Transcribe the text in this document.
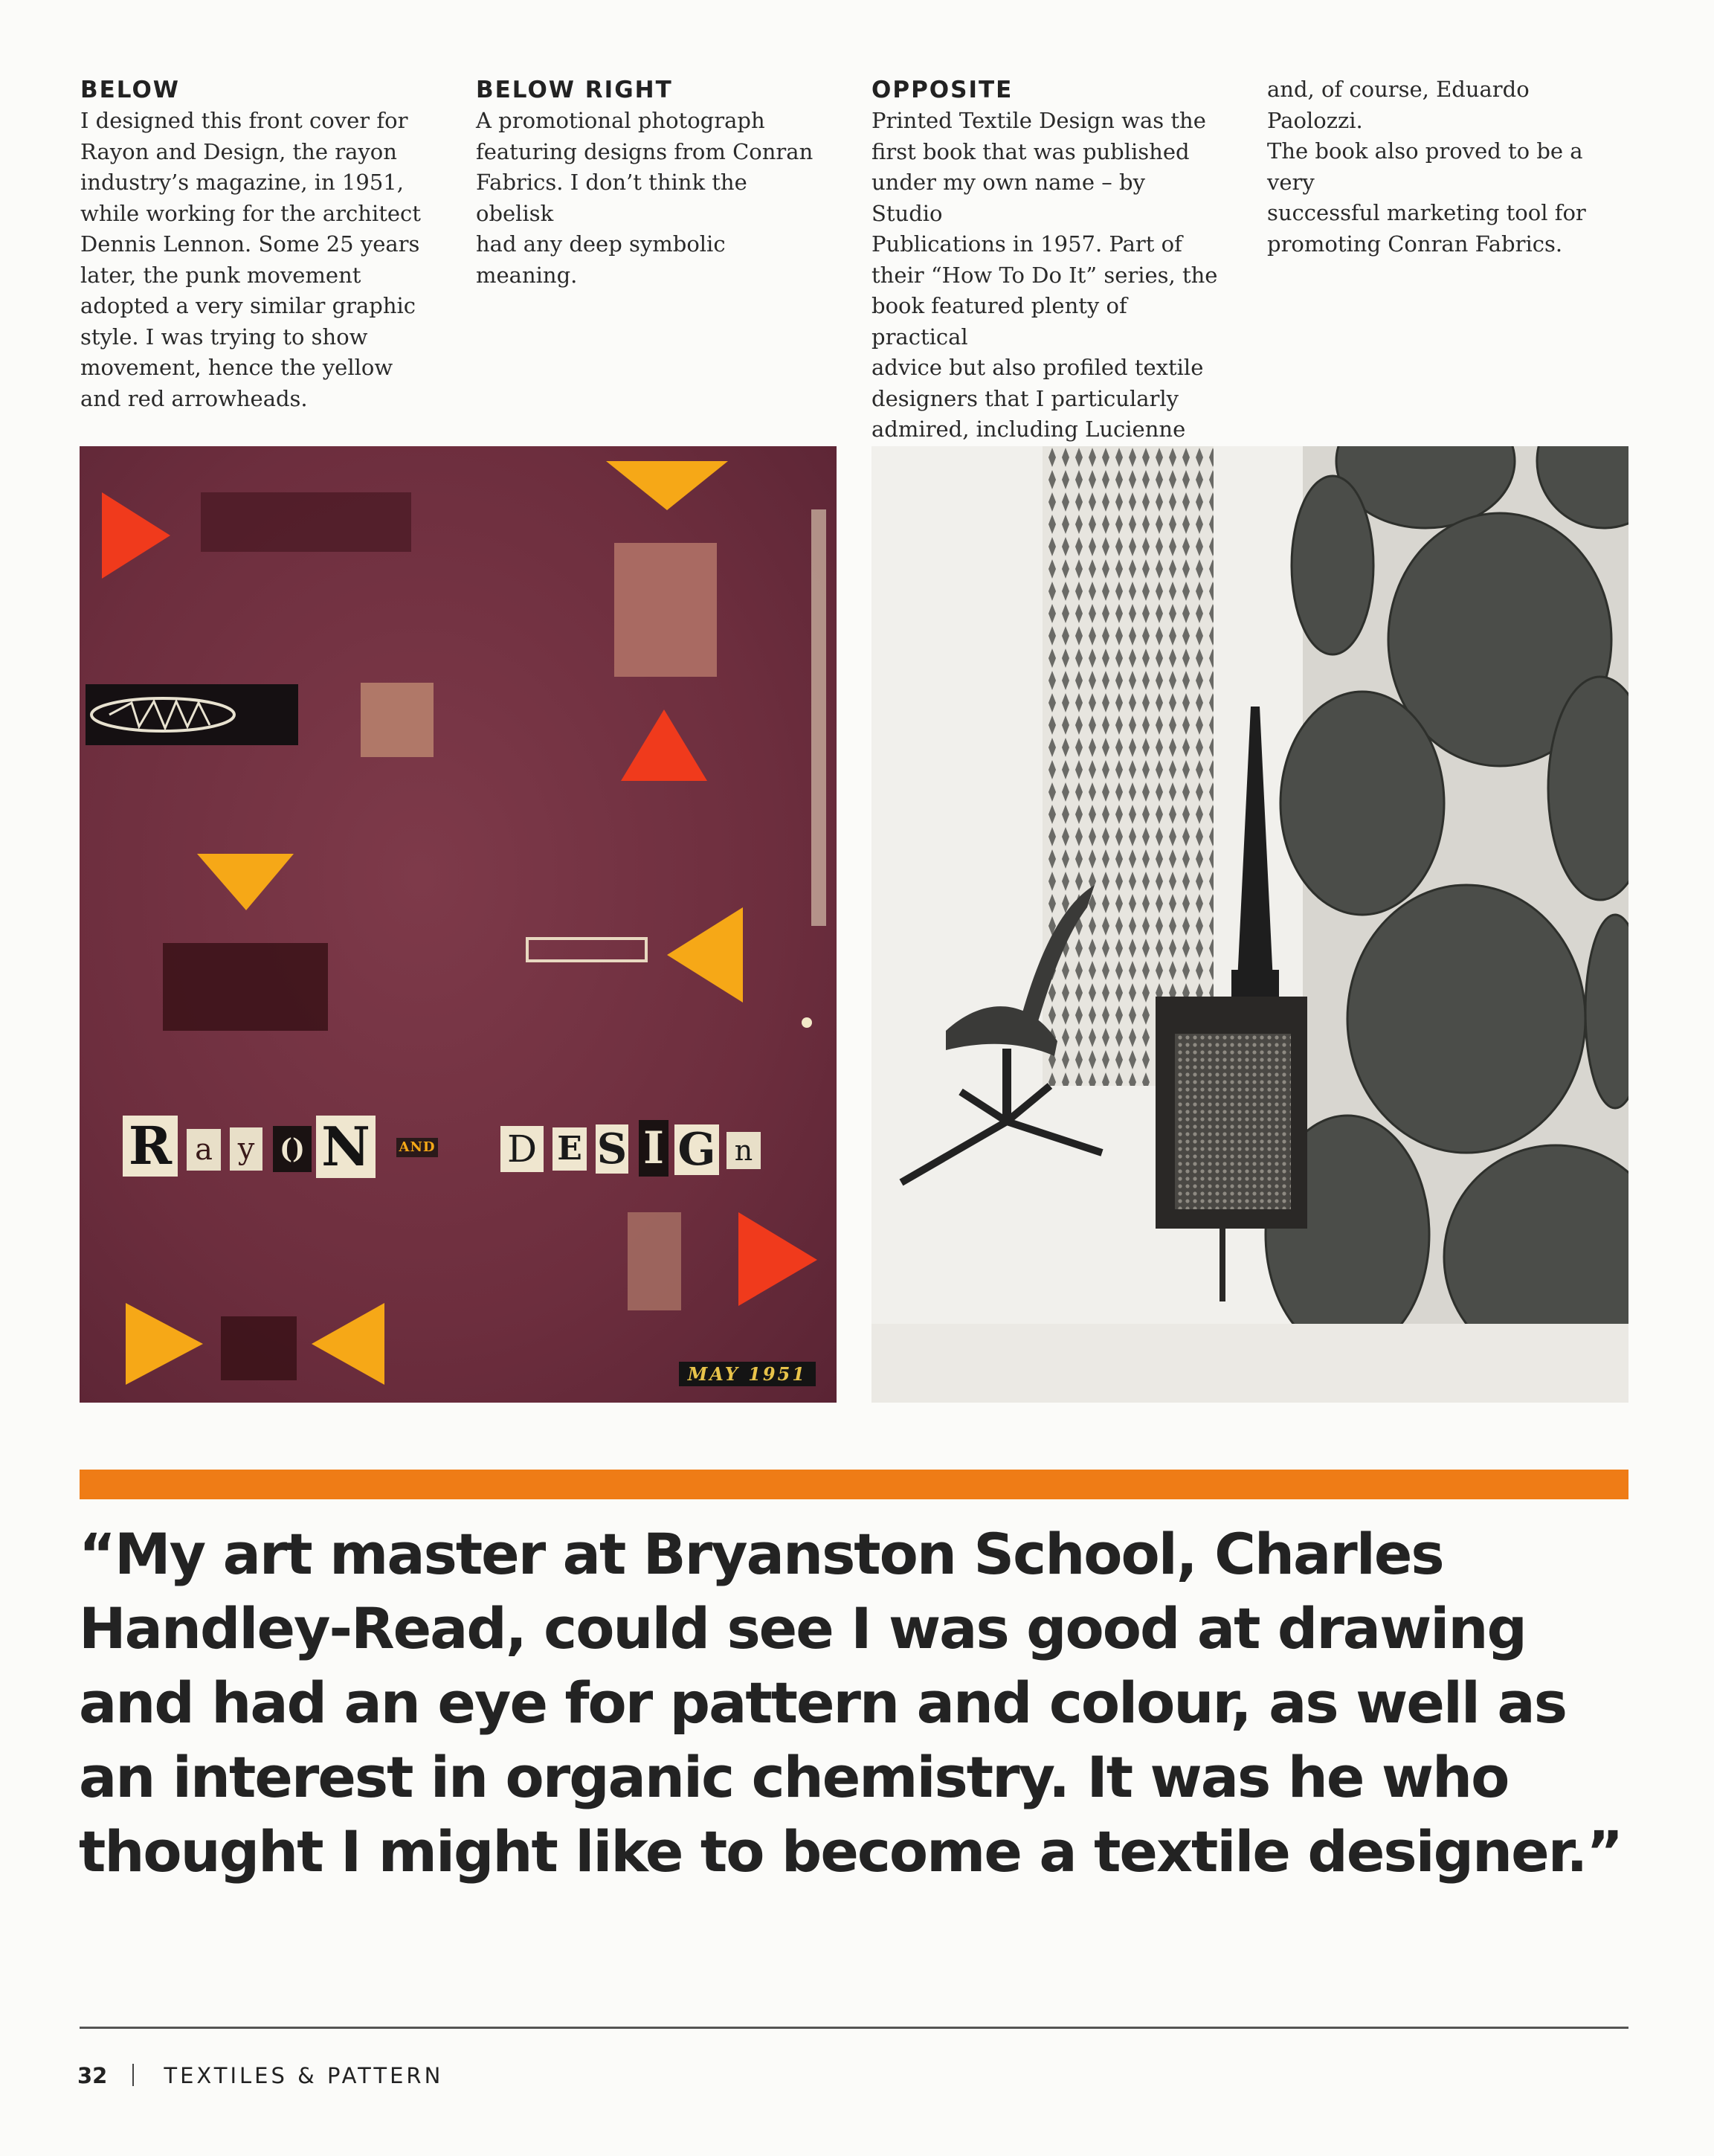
BELOW

I designed this front cover for

Rayon and Design, the rayon

industry’s magazine, in 1951,

while working for the architect

Dennis Lennon. Some 25 years

later, the punk movement

adopted a very similar graphic

style. I was trying to show

movement, hence the yellow

and red arrowheads.

BELOW RIGHT

A promotional photograph

featuring designs from Conran

Fabrics. I don’t think the obelisk

had any deep symbolic meaning.

OPPOSITE

Printed Textile Design was the

first book that was published

under my own name – by Studio

Publications in 1957. Part of

their “How To Do It” series, the

book featured plenty of practical

advice but also profiled textile

designers that I particularly

admired, including Lucienne

and, of course, Eduardo Paolozzi.

The book also proved to be a very

successful marketing tool for

promoting Conran Fabrics.

R a y () N	AND D E S I G n
MAY 1951
“My art master at Bryanston School, Charles
Handley-Read, could see I was good at drawing
and had an eye for pattern and colour, as well as
an interest in organic chemistry. It was he who
thought I might like to become a textile designer.”
32	TEXTILES & PATTERN
